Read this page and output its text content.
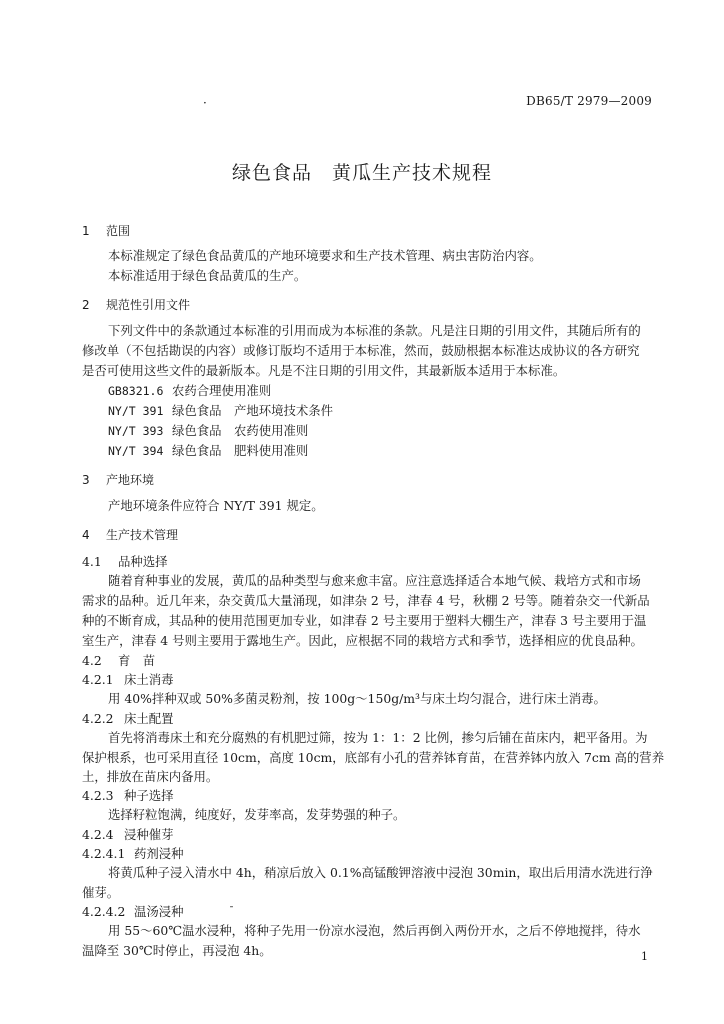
·	DB65/T 2979—2009
绿色食品　黄瓜生产技术规程
1 范围
本标准规定了绿色食品黄瓜的产地环境要求和生产技术管理、病虫害防治内容。
本标准适用于绿色食品黄瓜的生产。
2 规范性引用文件
下列文件中的条款通过本标准的引用而成为本标准的条款。凡是注日期的引用文件，其随后所有的
修改单（不包括勘误的内容）或修订版均不适用于本标准，然而，鼓励根据本标准达成协议的各方研究
是否可使用这些文件的最新版本。凡是不注日期的引用文件，其最新版本适用于本标准。
GB8321.6 农药合理使用准则
NY/T 391 绿色食品　产地环境技术条件
NY/T 393 绿色食品　农药使用准则
NY/T 394 绿色食品　肥料使用准则
3 产地环境
产地环境条件应符合 NY/T 391 规定。
4 生产技术管理
4.1 品种选择
随着育种事业的发展，黄瓜的品种类型与愈来愈丰富。应注意选择适合本地气候、栽培方式和市场
需求的品种。近几年来，杂交黄瓜大量涌现，如津杂 2 号，津春 4 号，秋棚 2 号等。随着杂交一代新品
种的不断育成，其品种的使用范围更加专业，如津春 2 号主要用于塑料大棚生产，津春 3 号主要用于温
室生产，津春 4 号则主要用于露地生产。因此，应根据不同的栽培方式和季节，选择相应的优良品种。
4.2 育　苗
4.2.1 床土消毒
用 40%拌种双或 50%多菌灵粉剂，按 100g～150g/m³与床土均匀混合，进行床土消毒。
4.2.2 床土配置
首先将消毒床土和充分腐熟的有机肥过筛，按为 1：1：2 比例，掺匀后铺在苗床内，耙平备用。为
保护根系，也可采用直径 10cm，高度 10cm，底部有小孔的营养钵育苗，在营养钵内放入 7cm 高的营养
土，排放在苗床内备用。
4.2.3 种子选择
选择籽粒饱满，纯度好，发芽率高，发芽势强的种子。
4.2.4 浸种催芽
4.2.4.1 药剂浸种
将黄瓜种子浸入清水中 4h，稍凉后放入 0.1%高锰酸钾溶液中浸泡 30min，取出后用清水洗进行浄
催芽。
ˉ
4.2.4.2 温汤浸种
用 55～60℃温水浸种，将种子先用一份凉水浸泡，然后再倒入两份开水，之后不停地搅拌，待水
温降至 30℃时停止，再浸泡 4h。	1
